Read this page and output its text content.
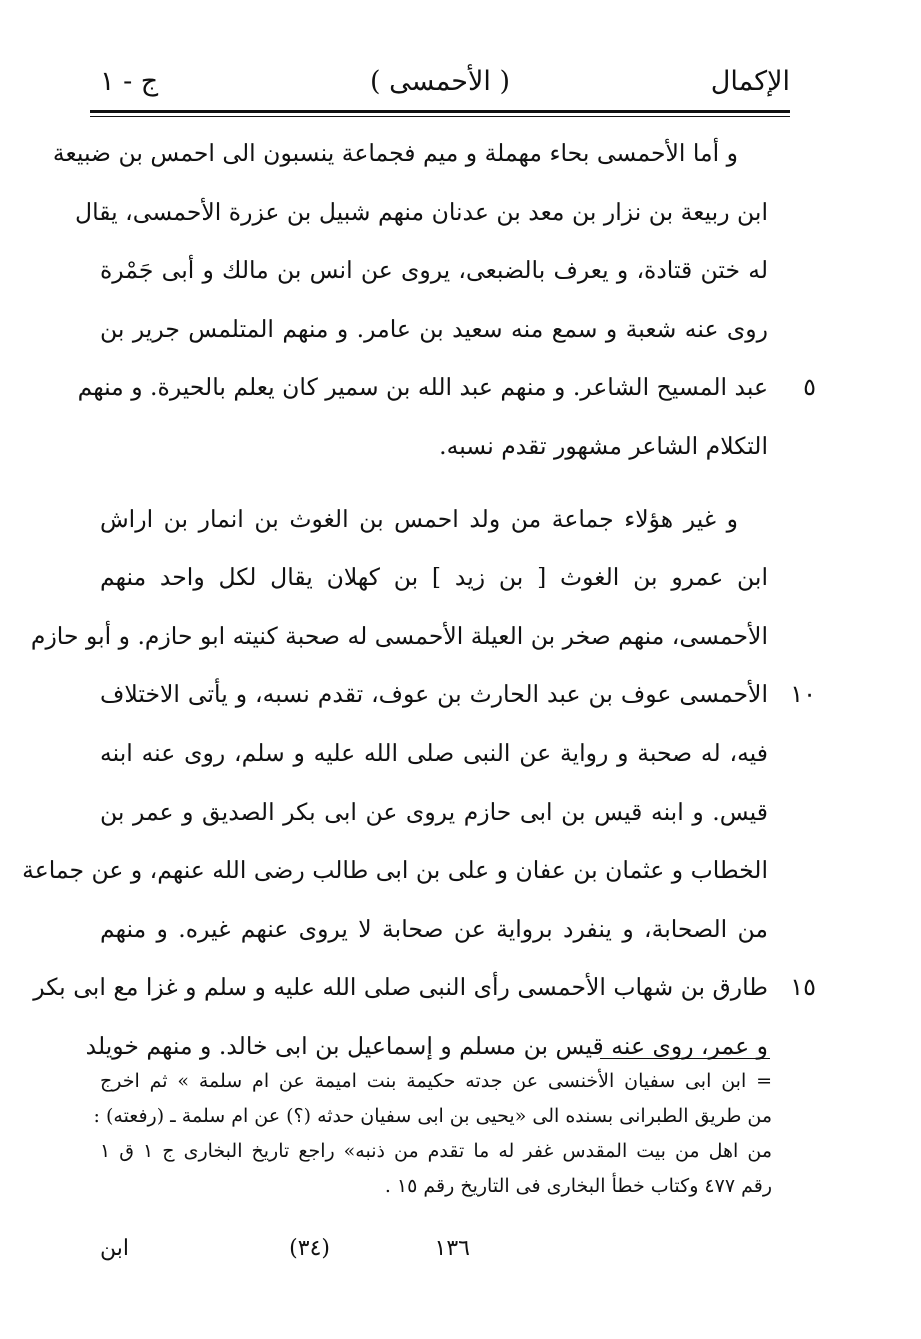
الإكمال
( الأحمسى )
ج - ١
و أما الأحمسى بحاء مهملة و ميم فجماعة ينسبون الى احمس بن ضبيعة
ابن ربيعة بن نزار بن معد بن عدنان منهم شبيل بن عزرة الأحمسى، يقال
له ختن قتادة، و يعرف بالضبعى، يروى عن انس بن مالك و أبى جَمْرة
روى عنه شعبة و سمع منه سعيد بن عامر. و منهم المتلمس جرير بن
عبد المسيح الشاعر. و منهم عبد الله بن سمير كان يعلم بالحيرة. و منهم	٥
التكلام الشاعر مشهور تقدم نسبه.
و غير هؤلاء جماعة من ولد احمس بن الغوث بن انمار بن اراش
ابن عمرو بن الغوث [ بن زيد ] بن كهلان يقال لكل واحد منهم
الأحمسى، منهم صخر بن العيلة الأحمسى له صحبة كنيته ابو حازم. و أبو حازم
الأحمسى عوف بن عبد الحارث بن عوف، تقدم نسبه، و يأتى الاختلاف ١٠
فيه، له صحبة و رواية عن النبى صلى الله عليه و سلم، روى عنه ابنه
قيس. و ابنه قيس بن ابى حازم يروى عن ابى بكر الصديق و عمر بن
الخطاب و عثمان بن عفان و على بن ابى طالب رضى الله عنهم، و عن جماعة
من الصحابة، و ينفرد برواية عن صحابة لا يروى عنهم غيره. و منهم
طارق بن شهاب الأحمسى رأى النبى صلى الله عليه و سلم و غزا مع ابى بكر ١٥
و عمر، روى عنه قيس بن مسلم و إسماعيل بن ابى خالد. و منهم خويلد
= ابن ابى سفيان الأخنسى عن جدته حكيمة بنت اميمة عن ام سلمة » ثم اخرج
من طريق الطبرانى بسنده الى «يحيى بن ابى سفيان حدثه (؟) عن ام سلمة ـ (رفعته) :
من اهل من بيت المقدس غفر له ما تقدم من ذنبه» راجع تاريخ البخارى ج ١ ق ١
رقم ٤٧٧ وكتاب خطأ البخارى فى التاريخ رقم ١٥ .
١٣٦
(٣٤)
ابن
